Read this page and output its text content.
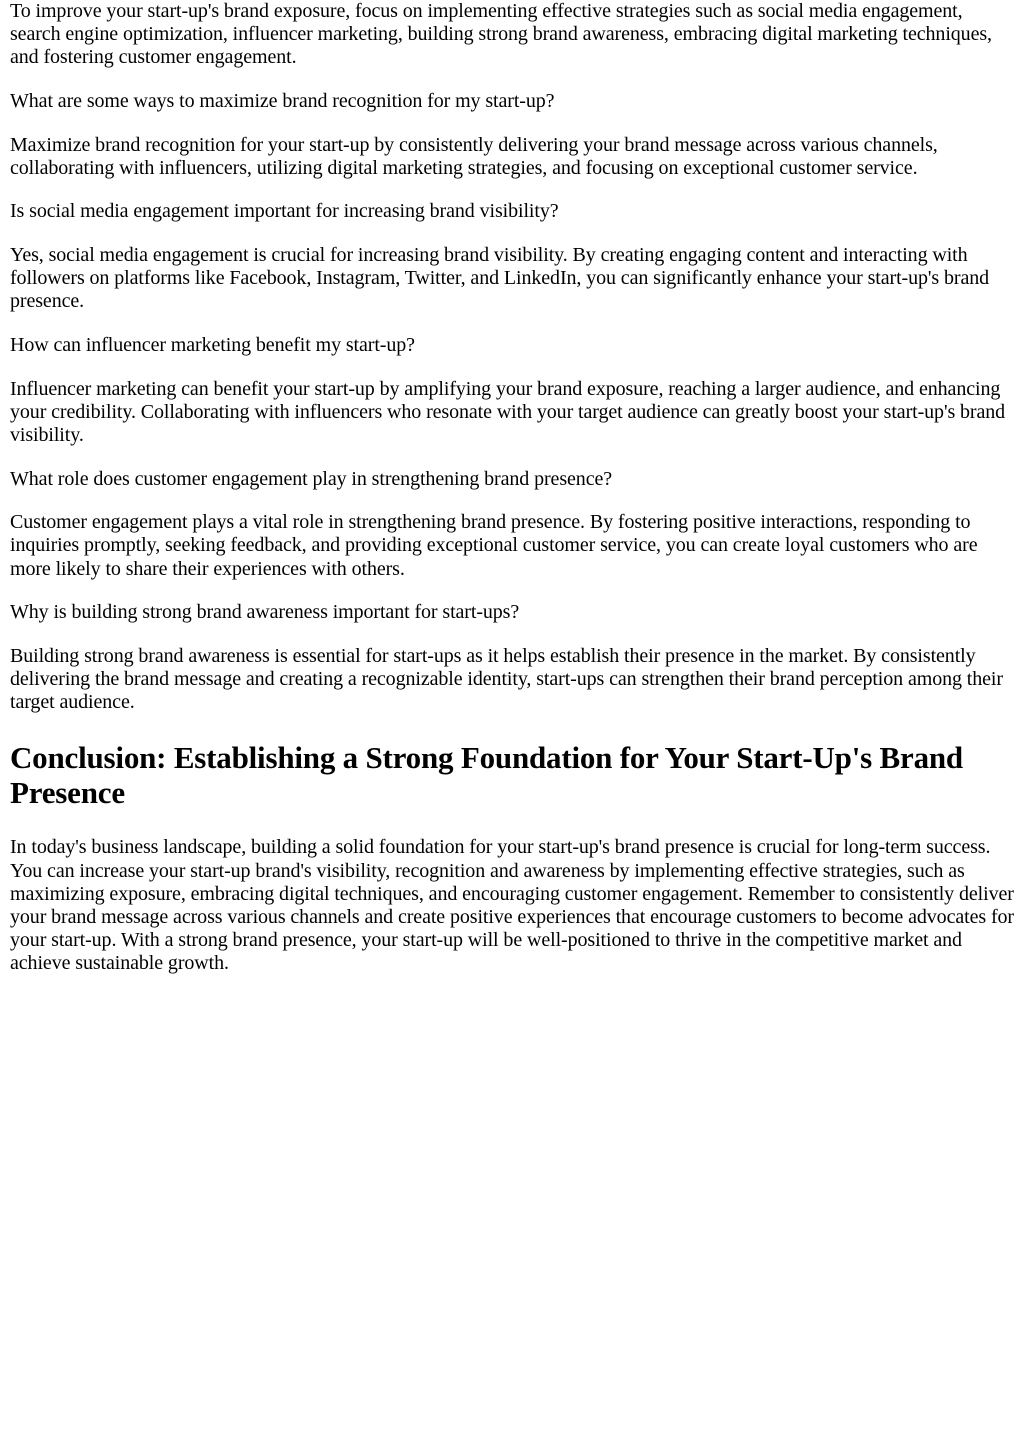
To improve your start-up's brand exposure, focus on implementing effective strategies such as social media engagement, search engine optimization, influencer marketing, building strong brand awareness, embracing digital marketing techniques, and fostering customer engagement.

What are some ways to maximize brand recognition for my start-up?

Maximize brand recognition for your start-up by consistently delivering your brand message across various channels, collaborating with influencers, utilizing digital marketing strategies, and focusing on exceptional customer service.

Is social media engagement important for increasing brand visibility?

Yes, social media engagement is crucial for increasing brand visibility. By creating engaging content and interacting with followers on platforms like Facebook, Instagram, Twitter, and LinkedIn, you can significantly enhance your start-up's brand presence.

How can influencer marketing benefit my start-up?

Influencer marketing can benefit your start-up by amplifying your brand exposure, reaching a larger audience, and enhancing your credibility. Collaborating with influencers who resonate with your target audience can greatly boost your start-up's brand visibility.

What role does customer engagement play in strengthening brand presence?

Customer engagement plays a vital role in strengthening brand presence. By fostering positive interactions, responding to inquiries promptly, seeking feedback, and providing exceptional customer service, you can create loyal customers who are more likely to share their experiences with others.

Why is building strong brand awareness important for start-ups?

Building strong brand awareness is essential for start-ups as it helps establish their presence in the market. By consistently delivering the brand message and creating a recognizable identity, start-ups can strengthen their brand perception among their target audience.

Conclusion: Establishing a Strong Foundation for Your Start-Up's Brand Presence

In today's business landscape, building a solid foundation for your start-up's brand presence is crucial for long-term success. You can increase your start-up brand's visibility, recognition and awareness by implementing effective strategies, such as maximizing exposure, embracing digital techniques, and encouraging customer engagement. Remember to consistently deliver your brand message across various channels and create positive experiences that encourage customers to become advocates for your start-up. With a strong brand presence, your start-up will be well-positioned to thrive in the competitive market and achieve sustainable growth.
